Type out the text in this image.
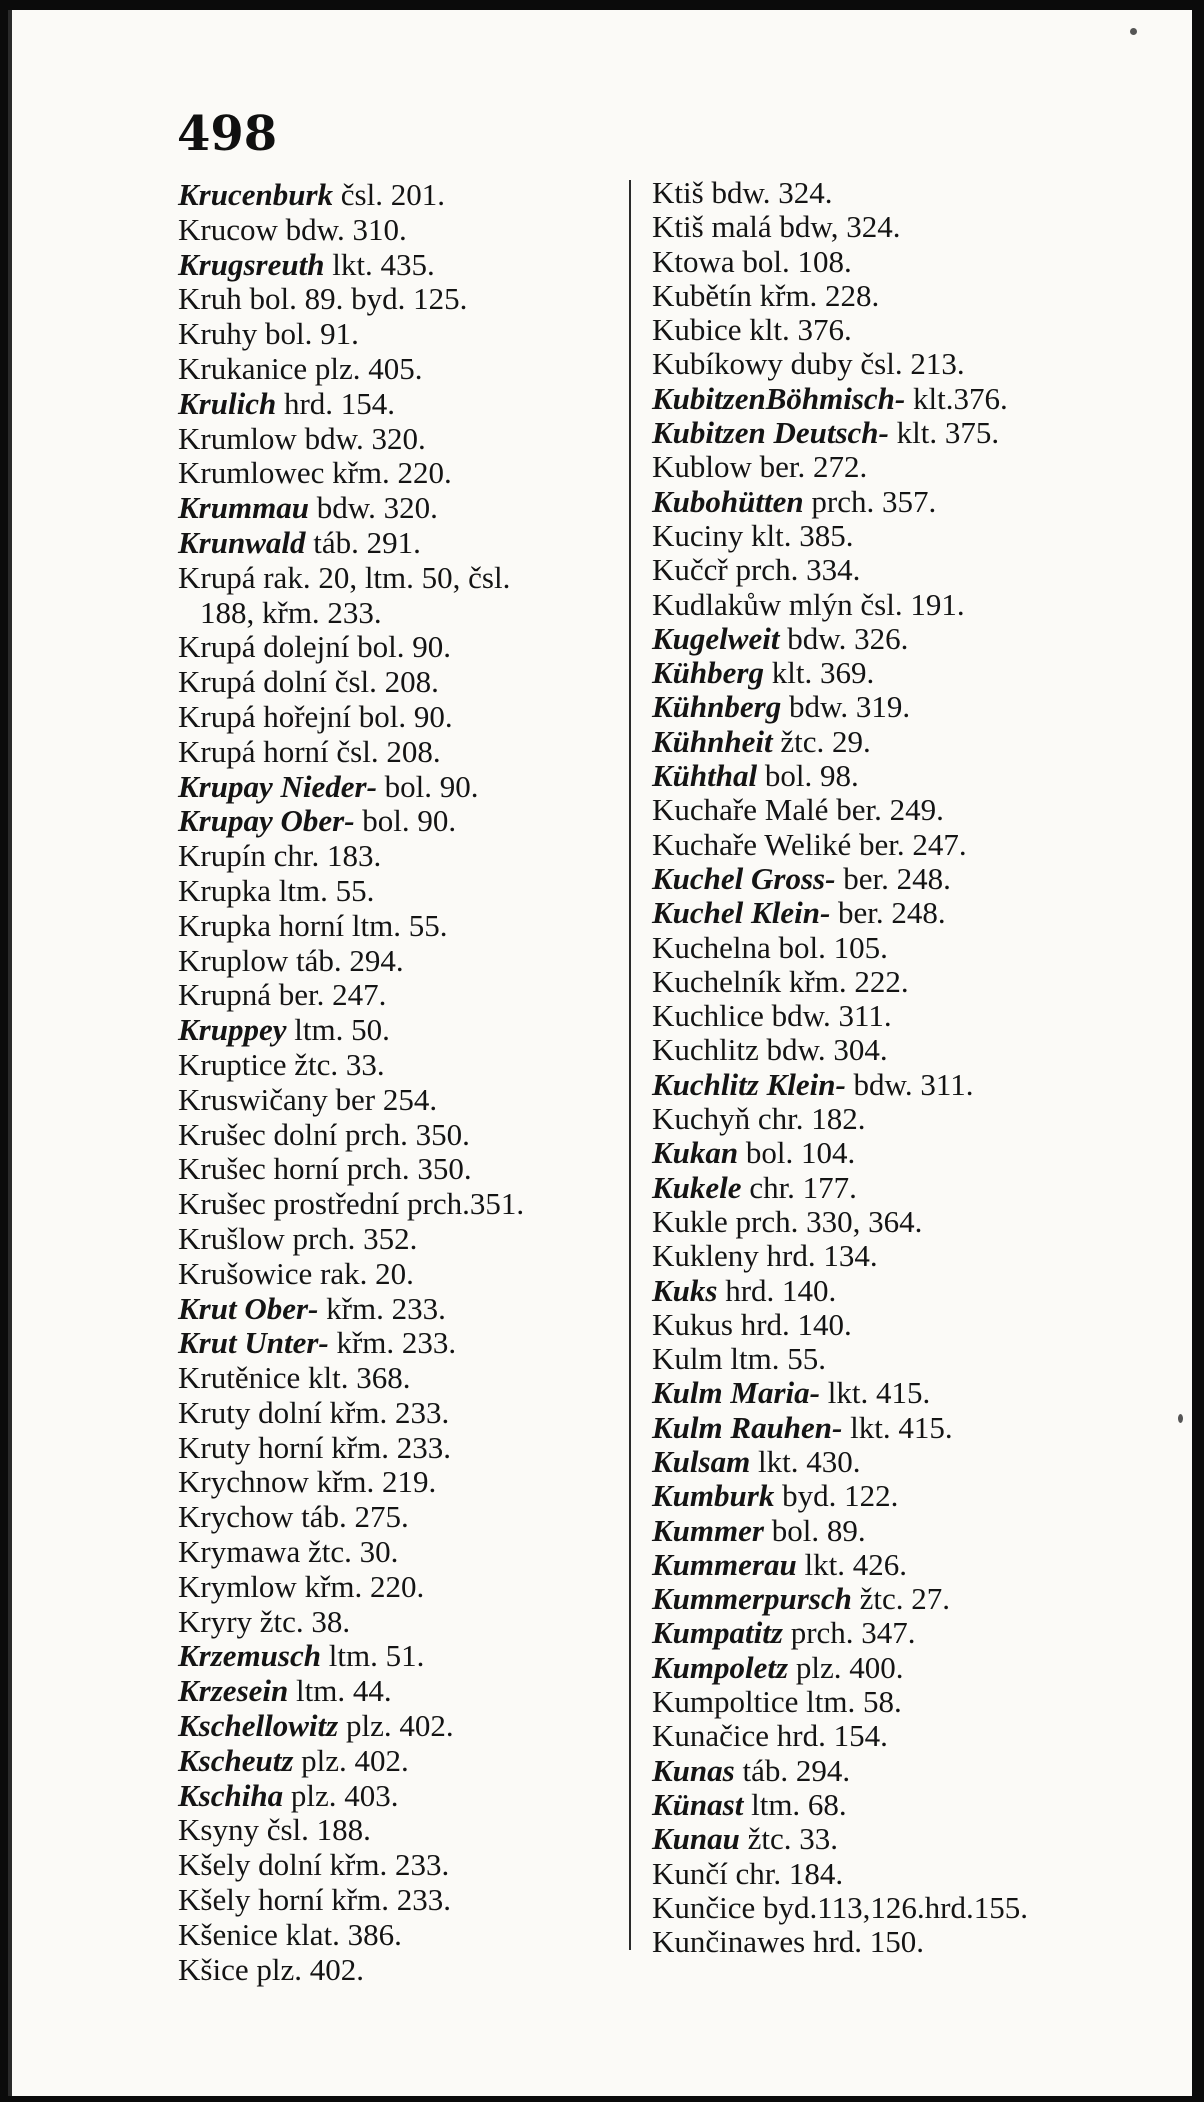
498
Krucenburk čsl. 201.
Krucow bdw. 310.
Krugsreuth lkt. 435.
Kruh bol. 89. byd. 125.
Kruhy bol. 91.
Krukanice plz. 405.
Krulich hrd. 154.
Krumlow bdw. 320.
Krumlowec křm. 220.
Krummau bdw. 320.
Krunwald táb. 291.
Krupá rak. 20, ltm. 50, čsl.
188, křm. 233.
Krupá dolejní bol. 90.
Krupá dolní čsl. 208.
Krupá hořejní bol. 90.
Krupá horní čsl. 208.
Krupay Nieder- bol. 90.
Krupay Ober- bol. 90.
Krupín chr. 183.
Krupka ltm. 55.
Krupka horní ltm. 55.
Kruplow táb. 294.
Krupná ber. 247.
Kruppey ltm. 50.
Kruptice žtc. 33.
Kruswičany ber 254.
Krušec dolní prch. 350.
Krušec horní prch. 350.
Krušec prostřední prch.351.
Krušlow prch. 352.
Krušowice rak. 20.
Krut Ober- křm. 233.
Krut Unter- křm. 233.
Krutěnice klt. 368.
Kruty dolní křm. 233.
Kruty horní křm. 233.
Krychnow křm. 219.
Krychow táb. 275.
Krymawa žtc. 30.
Krymlow křm. 220.
Kryry žtc. 38.
Krzemusch ltm. 51.
Krzesein ltm. 44.
Kschellowitz plz. 402.
Kscheutz plz. 402.
Kschiha plz. 403.
Ksyny čsl. 188.
Kšely dolní křm. 233.
Kšely horní křm. 233.
Kšenice klat. 386.
Kšice plz. 402.
Ktiš bdw. 324.
Ktiš malá bdw, 324.
Ktowa bol. 108.
Kubětín křm. 228.
Kubice klt. 376.
Kubíkowy duby čsl. 213.
KubitzenBöhmisch- klt.376.
Kubitzen Deutsch- klt. 375.
Kublow ber. 272.
Kubohütten prch. 357.
Kuciny klt. 385.
Kučcř prch. 334.
Kudlakůw mlýn čsl. 191.
Kugelweit bdw. 326.
Kühberg klt. 369.
Kühnberg bdw. 319.
Kühnheit žtc. 29.
Kühthal bol. 98.
Kuchaře Malé ber. 249.
Kuchaře Weliké ber. 247.
Kuchel Gross- ber. 248.
Kuchel Klein- ber. 248.
Kuchelna bol. 105.
Kuchelník křm. 222.
Kuchlice bdw. 311.
Kuchlitz bdw. 304.
Kuchlitz Klein- bdw. 311.
Kuchyň chr. 182.
Kukan bol. 104.
Kukele chr. 177.
Kukle prch. 330, 364.
Kukleny hrd. 134.
Kuks hrd. 140.
Kukus hrd. 140.
Kulm ltm. 55.
Kulm Maria- lkt. 415.
Kulm Rauhen- lkt. 415.
Kulsam lkt. 430.
Kumburk byd. 122.
Kummer bol. 89.
Kummerau lkt. 426.
Kummerpursch žtc. 27.
Kumpatitz prch. 347.
Kumpoletz plz. 400.
Kumpoltice ltm. 58.
Kunačice hrd. 154.
Kunas táb. 294.
Künast ltm. 68.
Kunau žtc. 33.
Kunčí chr. 184.
Kunčice byd.113,126.hrd.155.
Kunčinawes hrd. 150.
